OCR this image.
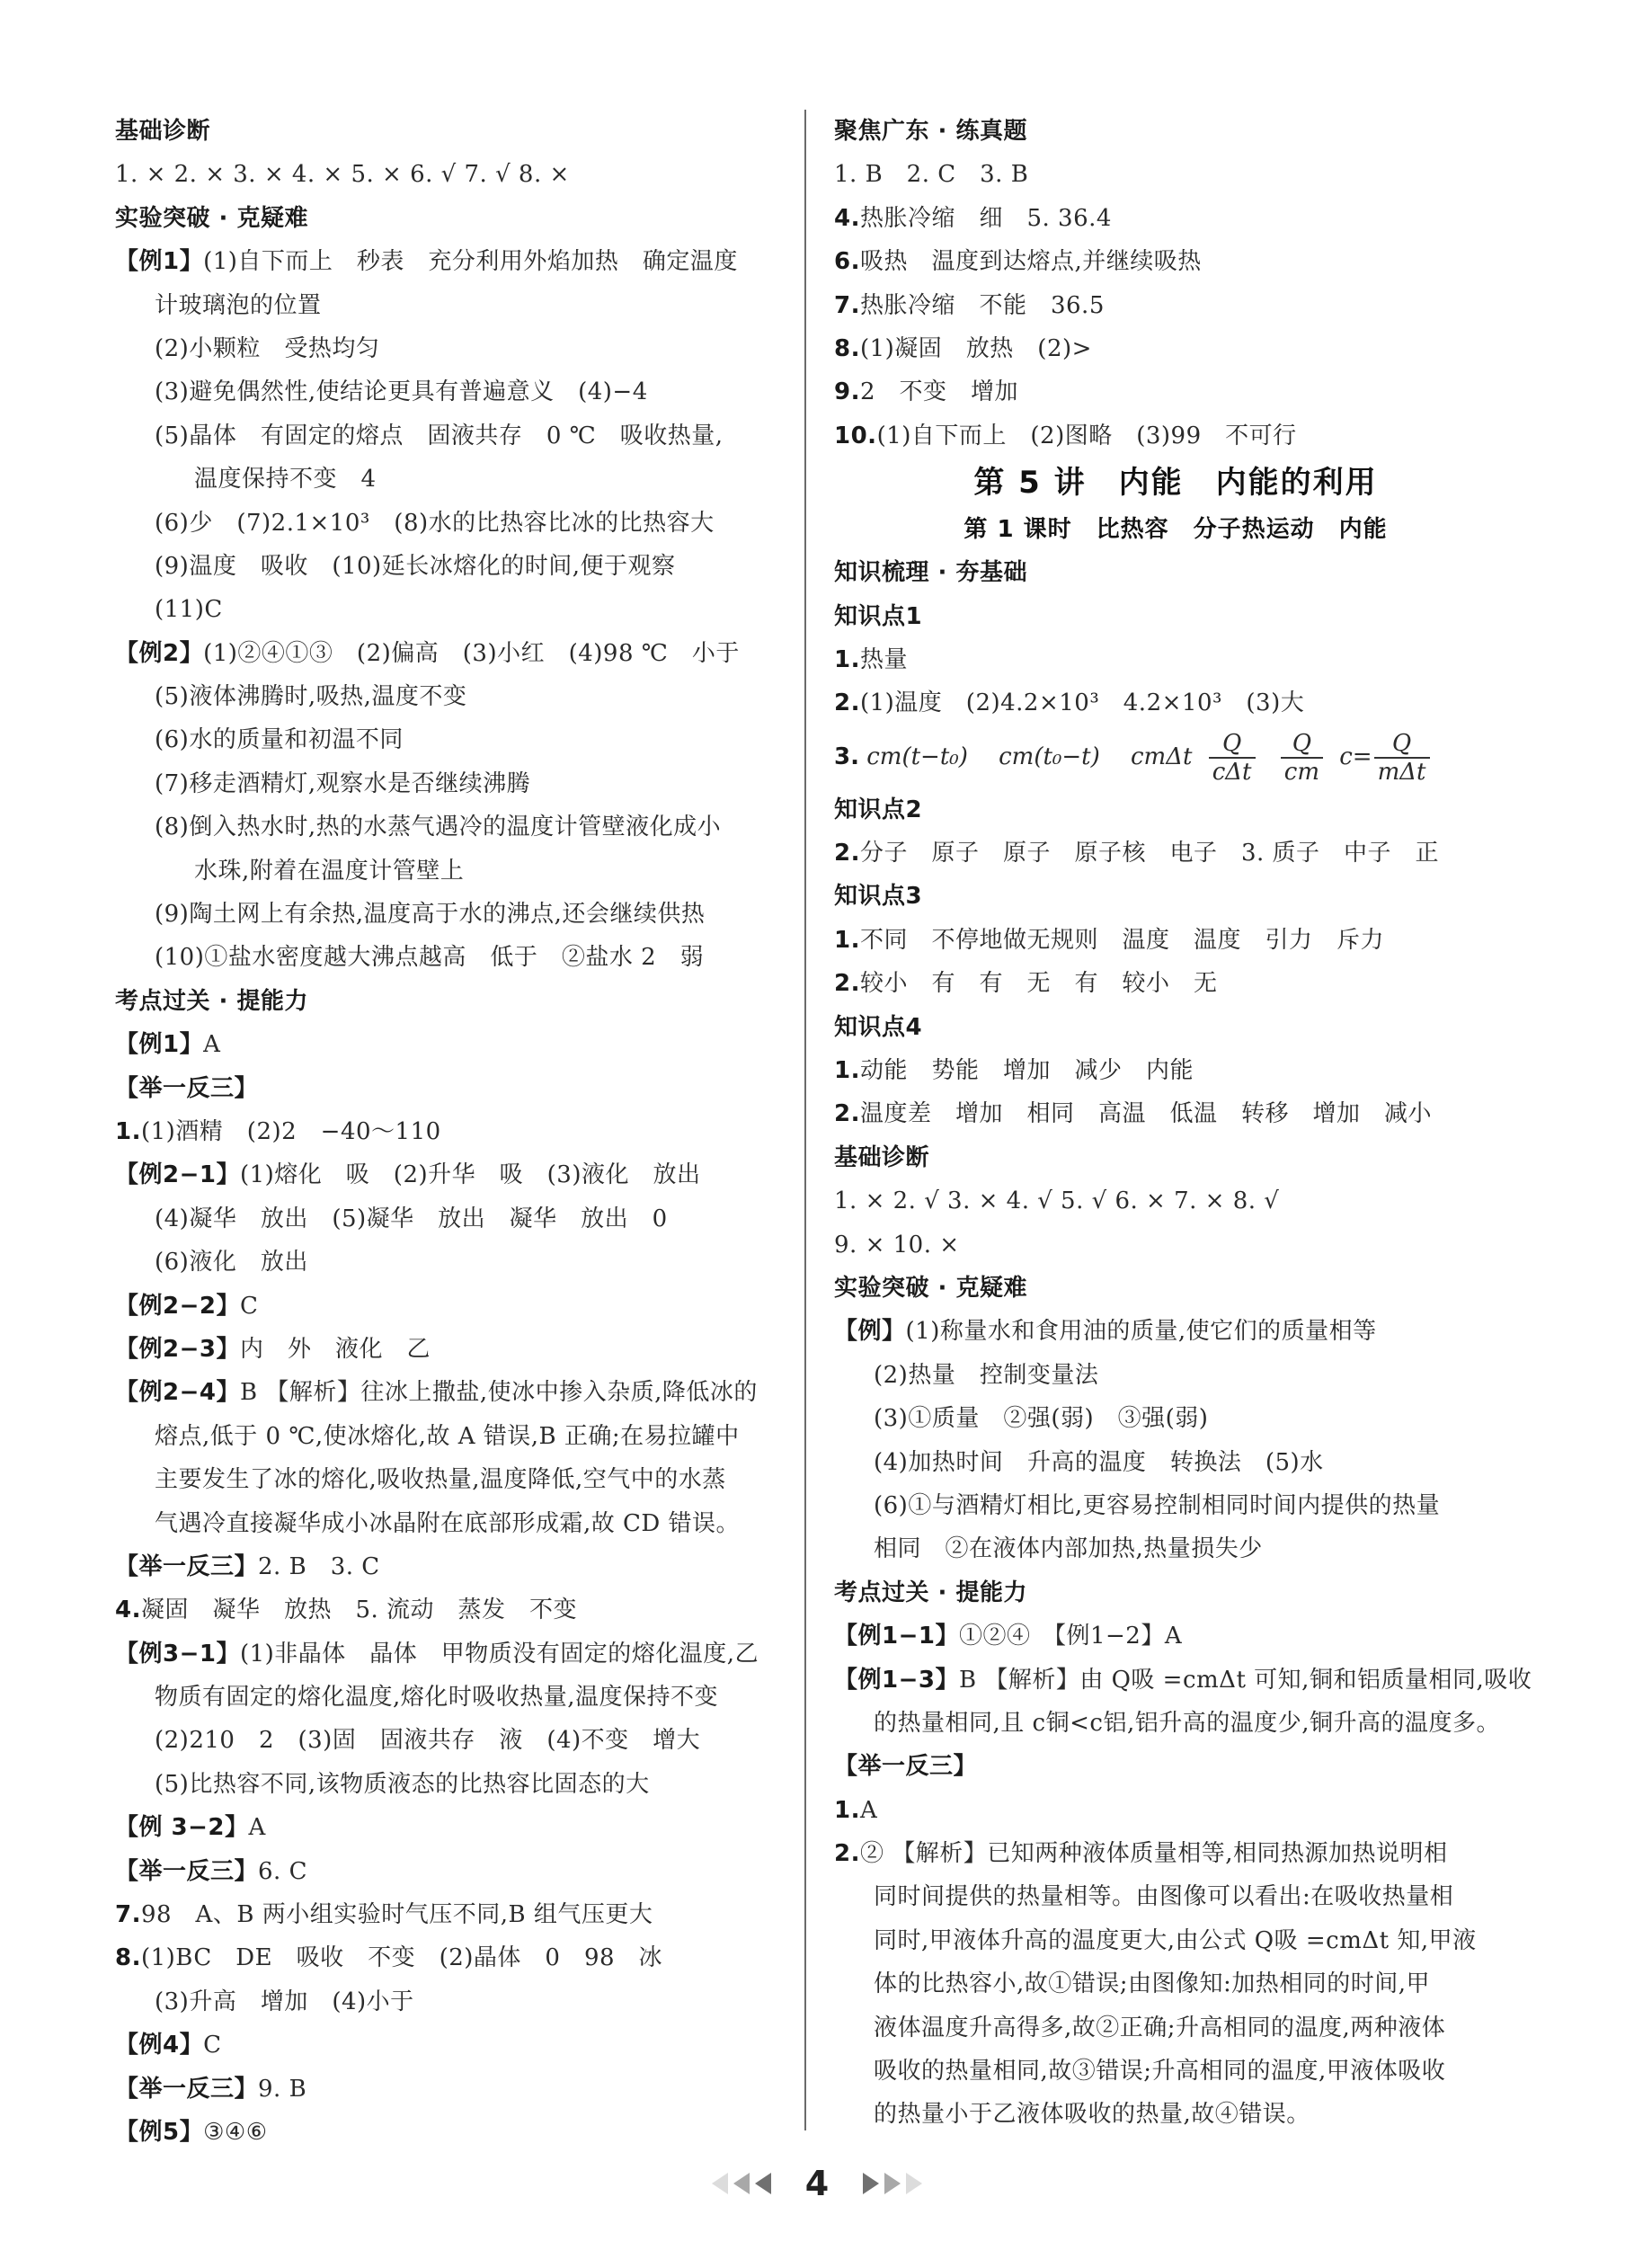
基础诊断
1. × 2. × 3. × 4. × 5. × 6. √ 7. √ 8. ×
实验突破 · 克疑难
【例1】(1)自下而上　秒表　充分利用外焰加热　确定温度
计玻璃泡的位置
(2)小颗粒　受热均匀
(3)避免偶然性,使结论更具有普遍意义　(4)−4
(5)晶体　有固定的熔点　固液共存　0 ℃　吸收热量,
温度保持不变　4
(6)少　(7)2.1×10³　(8)水的比热容比冰的比热容大
(9)温度　吸收　(10)延长冰熔化的时间,便于观察
(11)C
【例2】(1)②④①③　(2)偏高　(3)小红　(4)98 ℃　小于
(5)液体沸腾时,吸热,温度不变
(6)水的质量和初温不同
(7)移走酒精灯,观察水是否继续沸腾
(8)倒入热水时,热的水蒸气遇冷的温度计管壁液化成小
水珠,附着在温度计管壁上
(9)陶土网上有余热,温度高于水的沸点,还会继续供热
(10)①盐水密度越大沸点越高　低于　②盐水 2　弱
考点过关 · 提能力
【例1】A
【举一反三】
1.(1)酒精　(2)2　−40～110
【例2−1】(1)熔化　吸　(2)升华　吸　(3)液化　放出
(4)凝华　放出　(5)凝华　放出　凝华　放出　0
(6)液化　放出
【例2−2】C
【例2−3】内　外　液化　乙
【例2−4】B 【解析】往冰上撒盐,使冰中掺入杂质,降低冰的
熔点,低于 0 ℃,使冰熔化,故 A 错误,B 正确;在易拉罐中
主要发生了冰的熔化,吸收热量,温度降低,空气中的水蒸
气遇冷直接凝华成小冰晶附在底部形成霜,故 CD 错误。
【举一反三】2. B　3. C
4.凝固　凝华　放热　5. 流动　蒸发　不变
【例3−1】(1)非晶体　晶体　甲物质没有固定的熔化温度,乙
物质有固定的熔化温度,熔化时吸收热量,温度保持不变
(2)210　2　(3)固　固液共存　液　(4)不变　增大
(5)比热容不同,该物质液态的比热容比固态的大
【例 3−2】A
【举一反三】6. C
7.98　A、B 两小组实验时气压不同,B 组气压更大
8.(1)BC　DE　吸收　不变　(2)晶体　0　98　冰
(3)升高　增加　(4)小于
【例4】C
【举一反三】9. B
【例5】③④⑥
聚焦广东 · 练真题
1. B　2. C　3. B
4.热胀冷缩　细　5. 36.4
6.吸热　温度到达熔点,并继续吸热
7.热胀冷缩　不能　36.5
8.(1)凝固　放热　(2)>
9.2　不变　增加
10.(1)自下而上　(2)图略　(3)99　不可行
第 5 讲　内能　内能的利用
第 1 课时　比热容　分子热运动　内能
知识梳理 · 夯基础
知识点1
1.热量
2.(1)温度　(2)4.2×10³　4.2×10³　(3)大
3. cm(t−t₀) cm(t₀−t) cmΔt $\frac{Q}{\text{cΔt}}$
$\frac{Q}{cm} c= \frac{Q}{\text{mΔt}}$
知识点2
2.分子　原子　原子　原子核　电子　3. 质子　中子　正
知识点3
1.不同　不停地做无规则　温度　温度　引力　斥力
2.较小　有　有　无　有　较小　无
知识点4
1.动能　势能　增加　减少　内能
2.温度差　增加　相同　高温　低温　转移　增加　减小
基础诊断
1. × 2. √ 3. × 4. √ 5. √ 6. × 7. × 8. √
9. × 10. ×
实验突破 · 克疑难
【例】(1)称量水和食用油的质量,使它们的质量相等
(2)热量　控制变量法
(3)①质量　②强(弱)　③强(弱)
(4)加热时间　升高的温度　转换法　(5)水
(6)①与酒精灯相比,更容易控制相同时间内提供的热量
相同　②在液体内部加热,热量损失少
考点过关 · 提能力
【例1−1】①②④　【例1−2】A
【例1−3】B 【解析】由 Q吸 =cmΔt 可知,铜和铝质量相同,吸收
的热量相同,且 c铜<c铝,铝升高的温度少,铜升高的温度多。
【举一反三】
1.A
2.② 【解析】已知两种液体质量相等,相同热源加热说明相
同时间提供的热量相等。由图像可以看出:在吸收热量相
同时,甲液体升高的温度更大,由公式 Q吸 =cmΔt 知,甲液
体的比热容小,故①错误;由图像知:加热相同的时间,甲
液体温度升高得多,故②正确;升高相同的温度,两种液体
吸收的热量相同,故③错误;升高相同的温度,甲液体吸收
的热量小于乙液体吸收的热量,故④错误。
4
